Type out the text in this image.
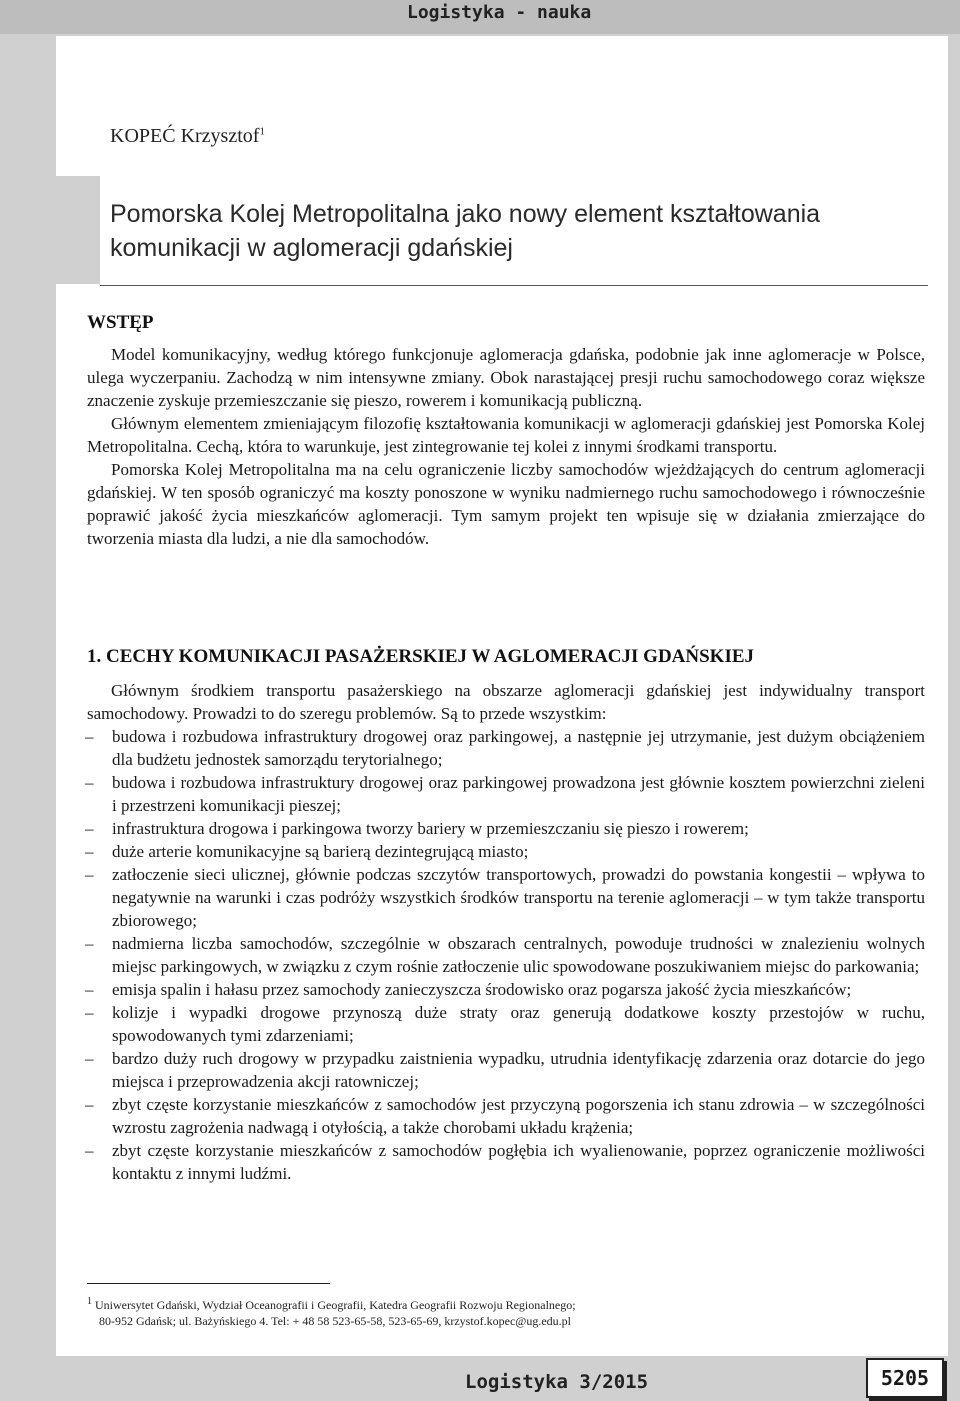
Logistyka - nauka
KOPEĆ Krzysztof$^1$
Pomorska Kolej Metropolitalna jako nowy element kształtowania komunikacji w aglomeracji gdańskiej
WSTĘP

Model komunikacyjny, według którego funkcjonuje aglomeracja gdańska, podobnie jak inne aglomeracje w Polsce, ulega wyczerpaniu. Zachodzą w nim intensywne zmiany. Obok narastającej presji ruchu samochodowego coraz większe znaczenie zyskuje przemieszczanie się pieszo, rowerem i komunikacją publiczną.

Głównym elementem zmieniającym filozofię kształtowania komunikacji w aglomeracji gdańskiej jest Pomorska Kolej Metropolitalna. Cechą, która to warunkuje, jest zintegrowanie tej kolei z innymi środkami transportu.

Pomorska Kolej Metropolitalna ma na celu ograniczenie liczby samochodów wjeżdżających do centrum aglomeracji gdańskiej. W ten sposób ograniczyć ma koszty ponoszone w wyniku nadmiernego ruchu samochodowego i równocześnie poprawić jakość życia mieszkańców aglomeracji. Tym samym projekt ten wpisuje się w działania zmierzające do tworzenia miasta dla ludzi, a nie dla samochodów.

1. CECHY KOMUNIKACJI PASAŻERSKIEJ W AGLOMERACJI GDAŃSKIEJ

Głównym środkiem transportu pasażerskiego na obszarze aglomeracji gdańskiej jest indywidualny transport samochodowy. Prowadzi to do szeregu problemów. Są to przede wszystkim:

– budowa i rozbudowa infrastruktury drogowej oraz parkingowej, a następnie jej utrzymanie, jest dużym obciążeniem dla budżetu jednostek samorządu terytorialnego;
– budowa i rozbudowa infrastruktury drogowej oraz parkingowej prowadzona jest głównie kosztem powierzchni zieleni i przestrzeni komunikacji pieszej;
– infrastruktura drogowa i parkingowa tworzy bariery w przemieszczaniu się pieszo i rowerem;
– duże arterie komunikacyjne są barierą dezintegrującą miasto;
– zatłoczenie sieci ulicznej, głównie podczas szczytów transportowych, prowadzi do powstania kongestii – wpływa to negatywnie na warunki i czas podróży wszystkich środków transportu na terenie aglomeracji – w tym także transportu zbiorowego;
– nadmierna liczba samochodów, szczególnie w obszarach centralnych, powoduje trudności w znalezieniu wolnych miejsc parkingowych, w związku z czym rośnie zatłoczenie ulic spowodowane poszukiwaniem miejsc do parkowania;
– emisja spalin i hałasu przez samochody zanieczyszcza środowisko oraz pogarsza jakość życia mieszkańców;
– kolizje i wypadki drogowe przynoszą duże straty oraz generują dodatkowe koszty przestojów w ruchu, spowodowanych tymi zdarzeniami;
– bardzo duży ruch drogowy w przypadku zaistnienia wypadku, utrudnia identyfikację zdarzenia oraz dotarcie do jego miejsca i przeprowadzenia akcji ratowniczej;
– zbyt częste korzystanie mieszkańców z samochodów jest przyczyną pogorszenia ich stanu zdrowia – w szczególności wzrostu zagrożenia nadwagą i otyłością, a także chorobami układu krążenia;
– zbyt częste korzystanie mieszkańców z samochodów pogłębia ich wyalienowanie, poprzez ograniczenie możliwości kontaktu z innymi ludźmi.
$^1$ Uniwersytet Gdański, Wydział Oceanografii i Geografii, Katedra Geografii Rozwoju Regionalnego;
80-952 Gdańsk; ul. Bażyńskiego 4. Tel: + 48 58 523-65-58, 523-65-69, krzystof.kopec@ug.edu.pl
Logistyka 3/2015	5205
